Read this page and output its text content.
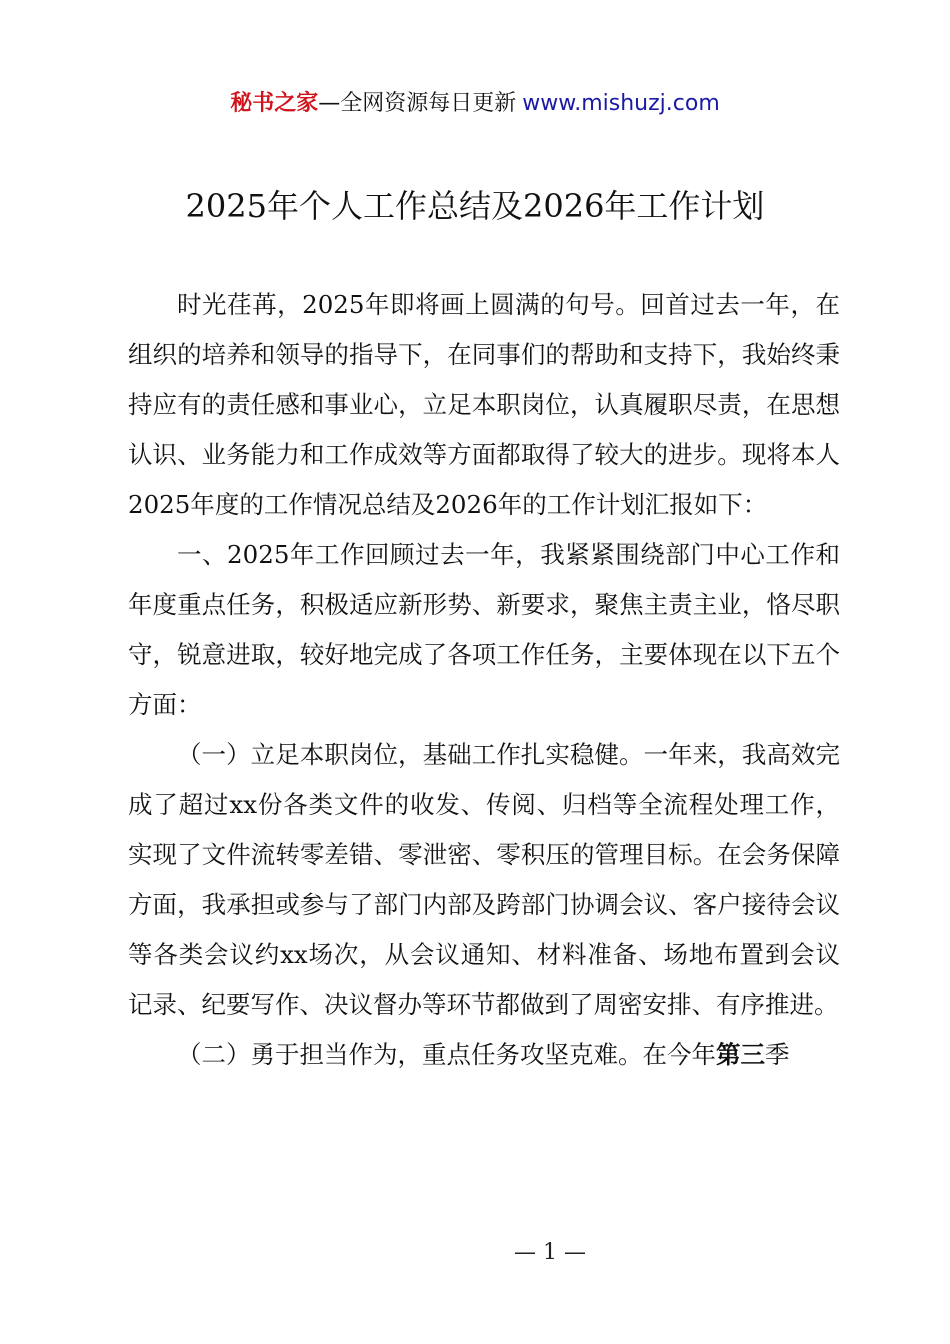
秘书之家—全网资源每日更新 www.mishuzj.com
2025年个人工作总结及2026年工作计划

时光荏苒，2025年即将画上圆满的句号。回首过去一年，在组织的培养和领导的指导下，在同事们的帮助和支持下，我始终秉持应有的责任感和事业心，立足本职岗位，认真履职尽责，在思想认识、业务能力和工作成效等方面都取得了较大的进步。现将本人2025年度的工作情况总结及2026年的工作计划汇报如下：

一、2025年工作回顾过去一年，我紧紧围绕部门中心工作和年度重点任务，积极适应新形势、新要求，聚焦主责主业，恪尽职守，锐意进取，较好地完成了各项工作任务，主要体现在以下五个方面：

（一）立足本职岗位，基础工作扎实稳健。一年来，我高效完成了超过xx份各类文件的收发、传阅、归档等全流程处理工作，实现了文件流转零差错、零泄密、零积压的管理目标。在会务保障方面，我承担或参与了部门内部及跨部门协调会议、客户接待会议等各类会议约xx场次，从会议通知、材料准备、场地布置到会议记录、纪要写作、决议督办等环节都做到了周密安排、有序推进。

（二）勇于担当作为，重点任务攻坚克难。在今年第三季

— 1 —
